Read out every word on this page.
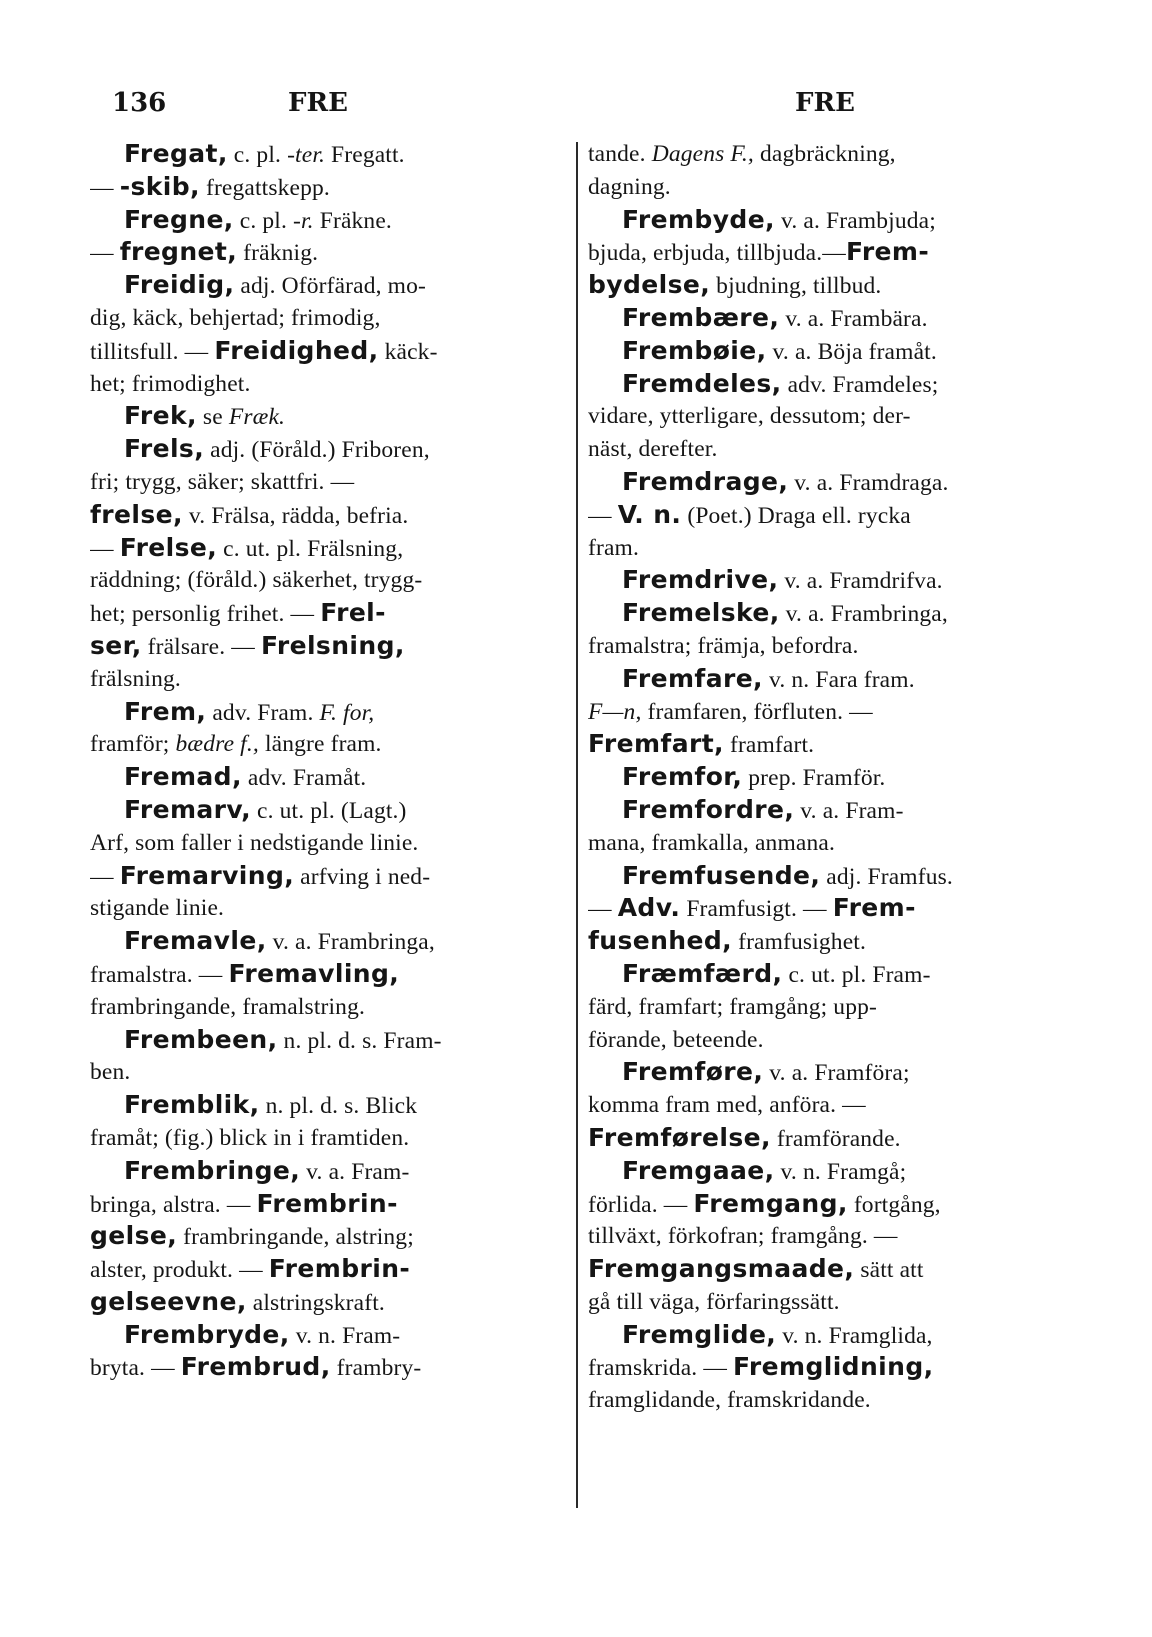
136	FRE	FRE
Fregat, c. pl. -ter. Fregatt.
— -skib, fregattskepp.
Fregne, c. pl. -r. Fräkne.
— fregnet, fräknig.
Freidig, adj. Oförfärad, mo-
dig, käck, behjertad; frimodig,
tillitsfull. — Freidighed, käck-
het; frimodighet.
Frek, se Fræk.
Frels, adj. (Föråld.) Friboren,
fri; trygg, säker; skattfri. —
frelse, v. Frälsa, rädda, befria.
— Frelse, c. ut. pl. Frälsning,
räddning; (föråld.) säkerhet, trygg-
het; personlig frihet. — Frel-
ser, frälsare. — Frelsning,
frälsning.
Frem, adv. Fram. F. for,
framför; bædre f., längre fram.
Fremad, adv. Framåt.
Fremarv, c. ut. pl. (Lagt.)
Arf, som faller i nedstigande linie.
— Fremarving, arfving i ned-
stigande linie.
Fremavle, v. a. Frambringa,
framalstra. — Fremavling,
frambringande, framalstring.
Frembeen, n. pl. d. s. Fram-
ben.
Fremblik, n. pl. d. s. Blick
framåt; (fig.) blick in i framtiden.
Frembringe, v. a. Fram-
bringa, alstra. — Frembrin-
gelse, frambringande, alstring;
alster, produkt. — Frembrin-
gelseevne, alstringskraft.
Frembryde, v. n. Fram-
bryta. — Frembrud, frambry-
tande. Dagens F., dagbräckning,
dagning.
Frembyde, v. a. Frambjuda;
bjuda, erbjuda, tillbjuda.—Frem-
bydelse, bjudning, tillbud.
Frembære, v. a. Frambära.
Frembøie, v. a. Böja framåt.
Fremdeles, adv. Framdeles;
vidare, ytterligare, dessutom; der-
näst, derefter.
Fremdrage, v. a. Framdraga.
— V. n. (Poet.) Draga ell. rycka
fram.
Fremdrive, v. a. Framdrifva.
Fremelske, v. a. Frambringa,
framalstra; främja, befordra.
Fremfare, v. n. Fara fram.
F—n, framfaren, förfluten. —
Fremfart, framfart.
Fremfor, prep. Framför.
Fremfordre, v. a. Fram-
mana, framkalla, anmana.
Fremfusende, adj. Framfus.
— Adv. Framfusigt. — Frem-
fusenhed, framfusighet.
Fræmfærd, c. ut. pl. Fram-
färd, framfart; framgång; upp-
förande, beteende.
Fremføre, v. a. Framföra;
komma fram med, anföra. —
Fremførelse, framförande.
Fremgaae, v. n. Framgå;
förlida. — Fremgang, fortgång,
tillväxt, förkofran; framgång. —
Fremgangsmaade, sätt att
gå till väga, förfaringssätt.
Fremglide, v. n. Framglida,
framskrida. — Fremglidning,
framglidande, framskridande.
